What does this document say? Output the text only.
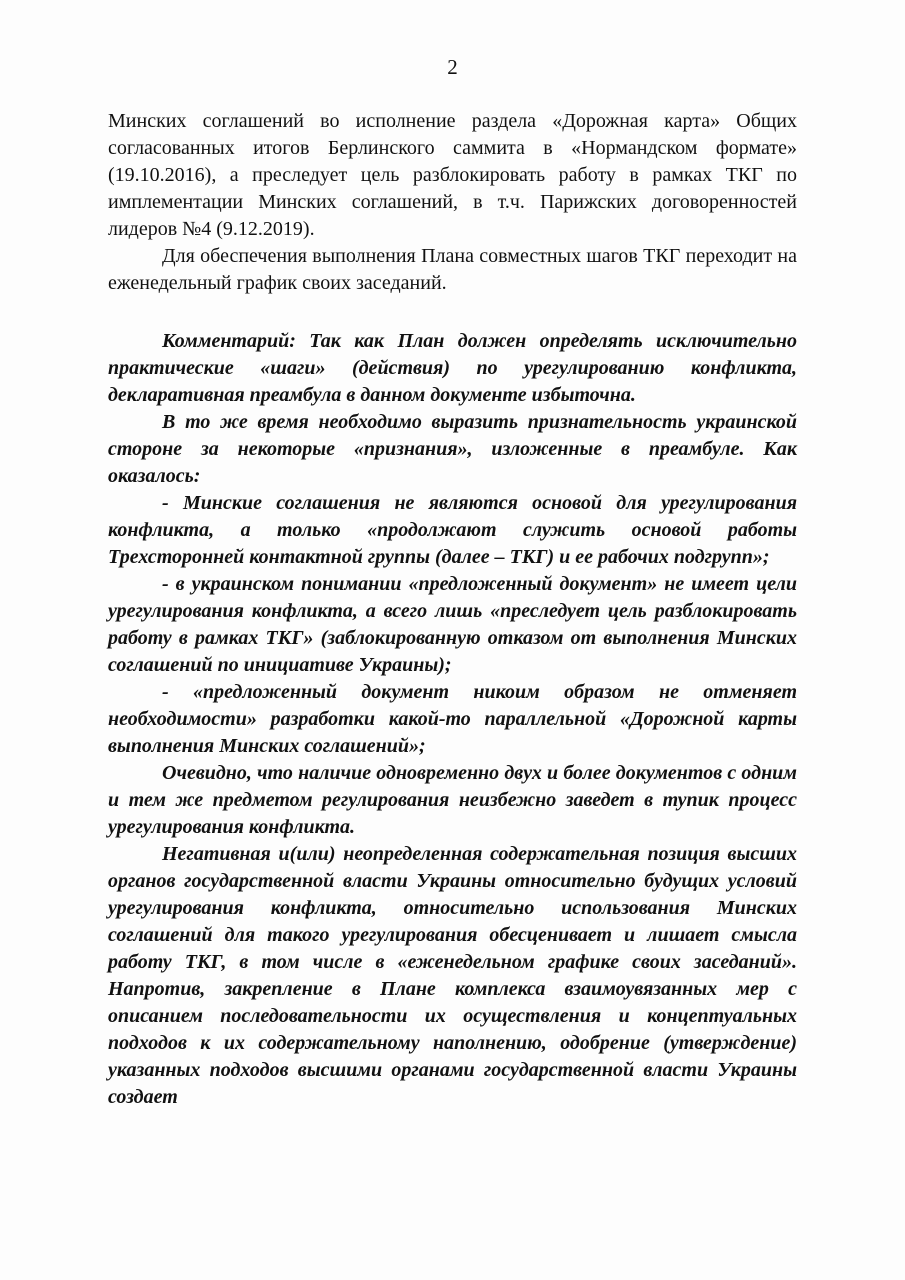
2

Минских соглашений во исполнение раздела «Дорожная карта» Общих согласованных итогов Берлинского саммита в «Нормандском формате» (19.10.2016), а преследует цель разблокировать работу в рамках ТКГ по имплементации Минских соглашений, в т.ч. Парижских договоренностей лидеров №4 (9.12.2019).

Для обеспечения выполнения Плана совместных шагов ТКГ переходит на еженедельный график своих заседаний.

Комментарий: Так как План должен определять исключительно практические «шаги» (действия) по урегулированию конфликта, декларативная преамбула в данном документе избыточна.

В то же время необходимо выразить признательность украинской стороне за некоторые «признания», изложенные в преамбуле. Как оказалось:

- Минские соглашения не являются основой для урегулирования конфликта, а только «продолжают служить основой работы Трехсторонней контактной группы (далее – ТКГ) и ее рабочих подгрупп»;

- в украинском понимании «предложенный документ» не имеет цели урегулирования конфликта, а всего лишь «преследует цель разблокировать работу в рамках ТКГ» (заблокированную отказом от выполнения Минских соглашений по инициативе Украины);

- «предложенный документ никоим образом не отменяет необходимости» разработки какой-то параллельной «Дорожной карты выполнения Минских соглашений»;

Очевидно, что наличие одновременно двух и более документов с одним и тем же предметом регулирования неизбежно заведет в тупик процесс урегулирования конфликта.

Негативная и(или) неопределенная содержательная позиция высших органов государственной власти Украины относительно будущих условий урегулирования конфликта, относительно использования Минских соглашений для такого урегулирования обесценивает и лишает смысла работу ТКГ, в том числе в «еженедельном графике своих заседаний». Напротив, закрепление в Плане комплекса взаимоувязанных мер с описанием последовательности их осуществления и концептуальных подходов к их содержательному наполнению, одобрение (утверждение) указанных подходов высшими органами государственной власти Украины создает
